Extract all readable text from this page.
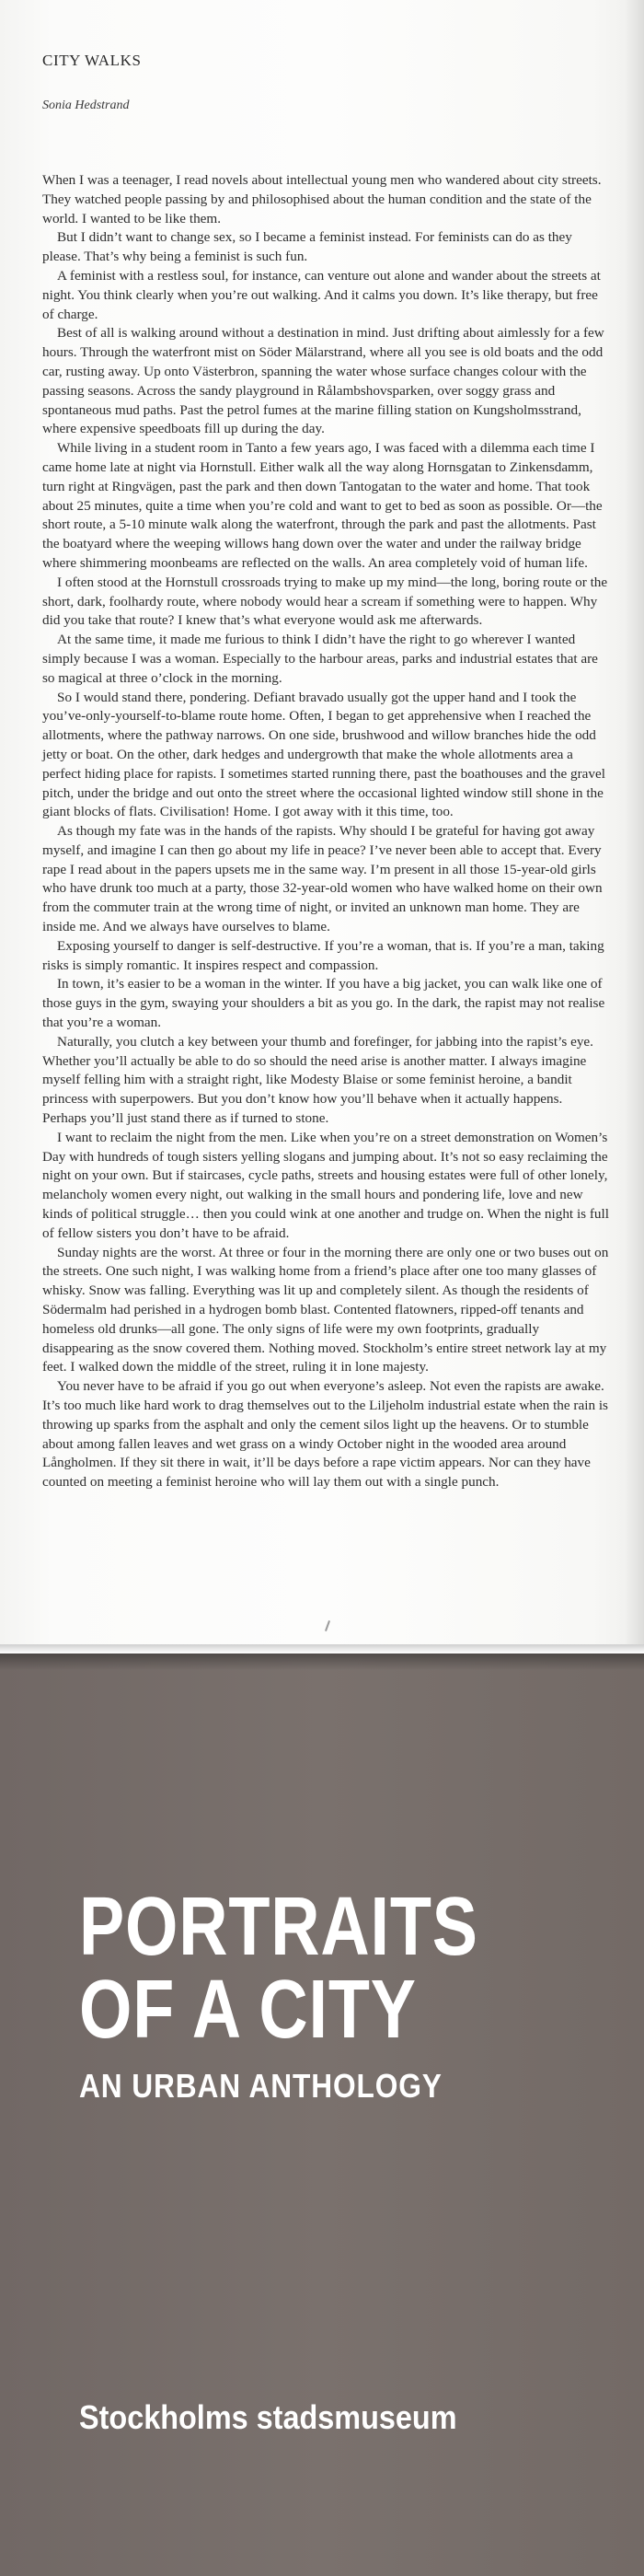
CITY WALKS
Sonia Hedstrand

When I was a teenager, I read novels about intellectual young men who wandered about city streets. They watched people passing by and philosophised about the human condition and the state of the world. I wanted to be like them.

But I didn’t want to change sex, so I became a feminist instead. For feminists can do as they please. That’s why being a feminist is such fun.

A feminist with a restless soul, for instance, can venture out alone and wander about the streets at night. You think clearly when you’re out walking. And it calms you down. It’s like therapy, but free of charge.

Best of all is walking around without a destination in mind. Just drifting about aimlessly for a few hours. Through the waterfront mist on Söder Mälarstrand, where all you see is old boats and the odd car, rusting away. Up onto Västerbron, spanning the water whose surface changes colour with the passing seasons. Across the sandy playground in Rålambshovsparken, over soggy grass and spontaneous mud paths. Past the petrol fumes at the marine filling station on Kungsholmsstrand, where expensive speedboats fill up during the day.

While living in a student room in Tanto a few years ago, I was faced with a dilemma each time I came home late at night via Hornstull. Either walk all the way along Hornsgatan to Zinkensdamm, turn right at Ringvägen, past the park and then down Tantogatan to the water and home. That took about 25 minutes, quite a time when you’re cold and want to get to bed as soon as possible. Or—the short route, a 5-10 minute walk along the waterfront, through the park and past the allotments. Past the boatyard where the weeping willows hang down over the water and under the railway bridge where shimmering moonbeams are reflected on the walls. An area completely void of human life.

I often stood at the Hornstull crossroads trying to make up my mind—the long, boring route or the short, dark, foolhardy route, where nobody would hear a scream if something were to happen. Why did you take that route? I knew that’s what everyone would ask me afterwards.

At the same time, it made me furious to think I didn’t have the right to go wherever I wanted simply because I was a woman. Especially to the harbour areas, parks and industrial estates that are so magical at three o’clock in the morning.

So I would stand there, pondering. Defiant bravado usually got the upper hand and I took the you’ve-only-yourself-to-blame route home. Often, I began to get apprehensive when I reached the allotments, where the pathway narrows. On one side, brushwood and willow branches hide the odd jetty or boat. On the other, dark hedges and undergrowth that make the whole allotments area a perfect hiding place for rapists. I sometimes started running there, past the boathouses and the gravel pitch, under the bridge and out onto the street where the occasional lighted window still shone in the giant blocks of flats. Civilisation! Home. I got away with it this time, too.

As though my fate was in the hands of the rapists. Why should I be grateful for having got away myself, and imagine I can then go about my life in peace? I’ve never been able to accept that. Every rape I read about in the papers upsets me in the same way. I’m present in all those 15-year-old girls who have drunk too much at a party, those 32-year-old women who have walked home on their own from the commuter train at the wrong time of night, or invited an unknown man home. They are inside me. And we always have ourselves to blame.

Exposing yourself to danger is self-destructive. If you’re a woman, that is. If you’re a man, taking risks is simply romantic. It inspires respect and compassion.

In town, it’s easier to be a woman in the winter. If you have a big jacket, you can walk like one of those guys in the gym, swaying your shoulders a bit as you go. In the dark, the rapist may not realise that you’re a woman.

Naturally, you clutch a key between your thumb and forefinger, for jabbing into the rapist’s eye. Whether you’ll actually be able to do so should the need arise is another matter. I always imagine myself felling him with a straight right, like Modesty Blaise or some feminist heroine, a bandit princess with superpowers. But you don’t know how you’ll behave when it actually happens. Perhaps you’ll just stand there as if turned to stone.

I want to reclaim the night from the men. Like when you’re on a street demonstration on Women’s Day with hundreds of tough sisters yelling slogans and jumping about. It’s not so easy reclaiming the night on your own. But if staircases, cycle paths, streets and housing estates were full of other lonely, melancholy women every night, out walking in the small hours and pondering life, love and new kinds of political struggle… then you could wink at one another and trudge on. When the night is full of fellow sisters you don’t have to be afraid.

Sunday nights are the worst. At three or four in the morning there are only one or two buses out on the streets. One such night, I was walking home from a friend’s place after one too many glasses of whisky. Snow was falling. Everything was lit up and completely silent. As though the residents of Södermalm had perished in a hydrogen bomb blast. Contented flatowners, ripped-off tenants and homeless old drunks—all gone. The only signs of life were my own footprints, gradually disappearing as the snow covered them. Nothing moved. Stockholm’s entire street network lay at my feet. I walked down the middle of the street, ruling it in lone majesty.

You never have to be afraid if you go out when everyone’s asleep. Not even the rapists are awake. It’s too much like hard work to drag themselves out to the Liljeholm industrial estate when the rain is throwing up sparks from the asphalt and only the cement silos light up the heavens. Or to stumble about among fallen leaves and wet grass on a windy October night in the wooded area around Långholmen. If they sit there in wait, it’ll be days before a rape victim appears. Nor can they have counted on meeting a feminist heroine who will lay them out with a single punch.

PORTRAITS
OF A CITY
AN URBAN ANTHOLOGY
Stockholms stadsmuseum
